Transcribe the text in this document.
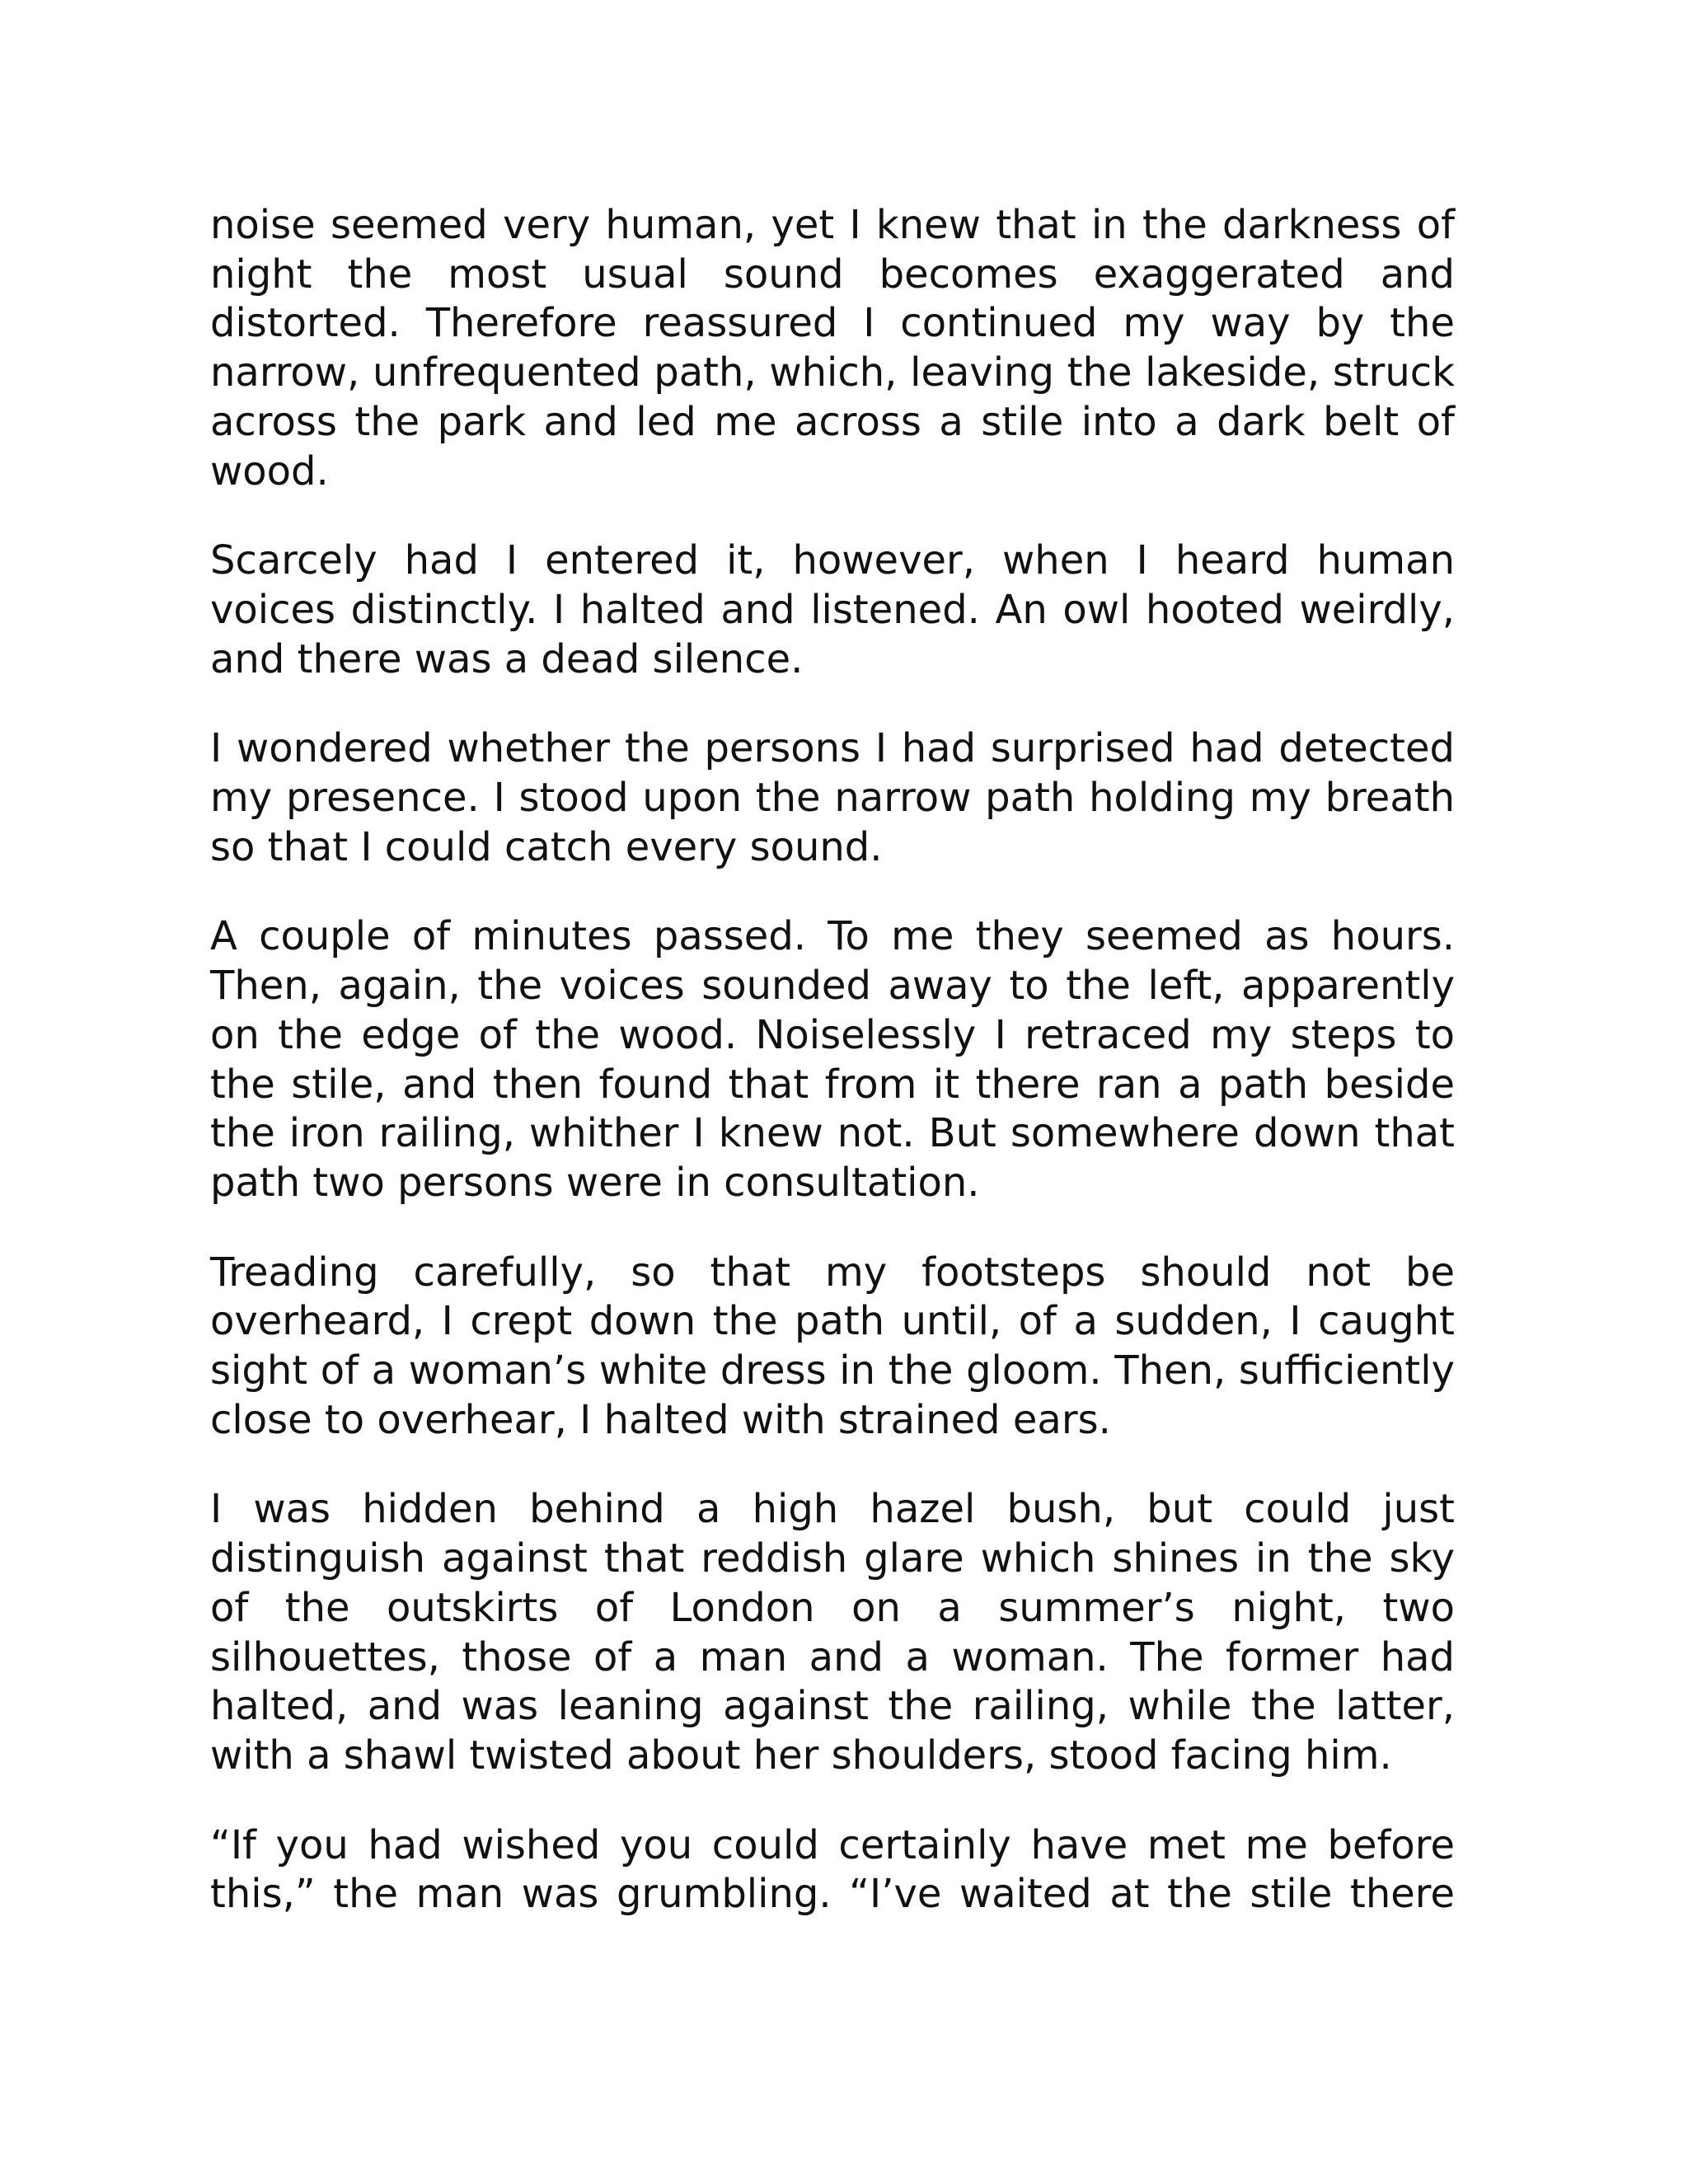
noise seemed very human, yet I knew that in the darkness of night the most usual sound becomes exaggerated and distorted. Therefore reassured I continued my way by the narrow, unfrequented path, which, leaving the lakeside, struck across the park and led me across a stile into a dark belt of wood.

Scarcely had I entered it, however, when I heard human voices distinctly. I halted and listened. An owl hooted weirdly, and there was a dead silence.

I wondered whether the persons I had surprised had detected my presence. I stood upon the narrow path holding my breath so that I could catch every sound.

A couple of minutes passed. To me they seemed as hours. Then, again, the voices sounded away to the left, apparently on the edge of the wood. Noiselessly I retraced my steps to the stile, and then found that from it there ran a path beside the iron railing, whither I knew not. But somewhere down that path two persons were in consultation.

Treading carefully, so that my footsteps should not be overheard, I crept down the path until, of a sudden, I caught sight of a woman’s white dress in the gloom. Then, sufficiently close to overhear, I halted with strained ears.

I was hidden behind a high hazel bush, but could just distinguish against that reddish glare which shines in the sky of the outskirts of London on a summer’s night, two silhouettes, those of a man and a woman. The former had halted, and was leaning against the railing, while the latter, with a shawl twisted about her shoulders, stood facing him.

“If you had wished you could certainly have met me before this,” the man was grumbling. “I’ve waited at the stile there
